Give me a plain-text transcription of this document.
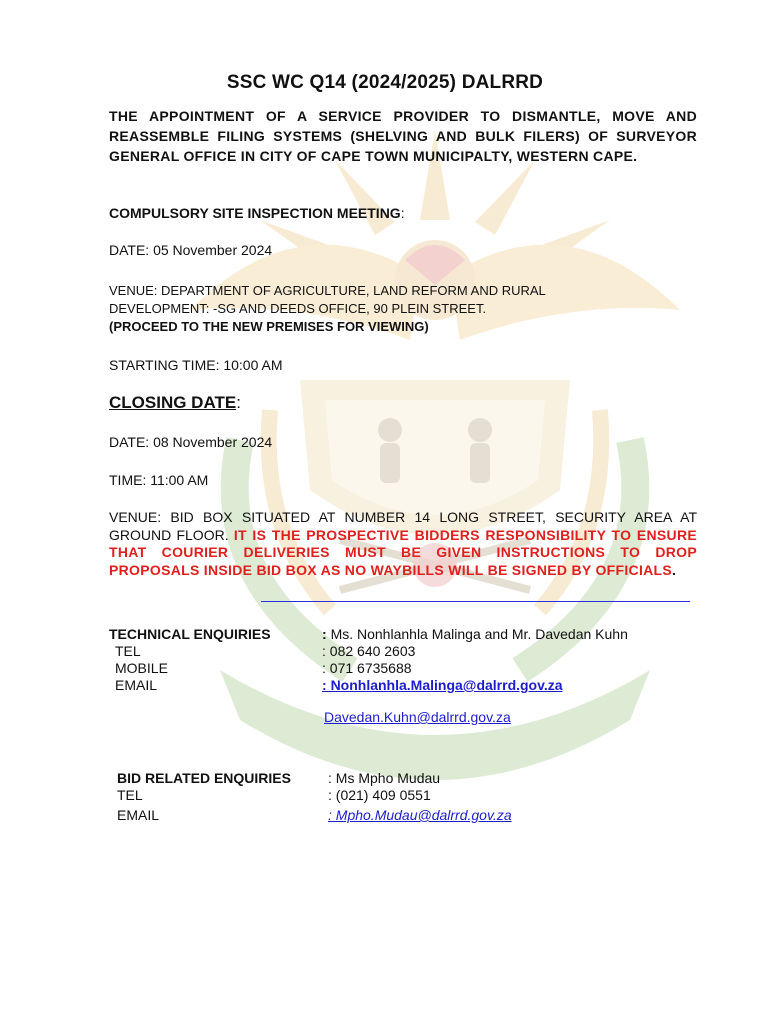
SSC WC Q14 (2024/2025) DALRRD
THE APPOINTMENT OF A SERVICE PROVIDER TO DISMANTLE, MOVE AND REASSEMBLE FILING SYSTEMS (SHELVING AND BULK FILERS) OF SURVEYOR GENERAL OFFICE IN CITY OF CAPE TOWN MUNICIPALTY, WESTERN CAPE.
COMPULSORY SITE INSPECTION MEETING:
DATE: 05 November 2024
VENUE: DEPARTMENT OF AGRICULTURE, LAND REFORM AND RURAL
DEVELOPMENT: -SG AND DEEDS OFFICE, 90 PLEIN STREET.
(PROCEED TO THE NEW PREMISES FOR VIEWING)
STARTING TIME: 10:00 AM
CLOSING DATE:
DATE: 08 November 2024
TIME: 11:00 AM
VENUE: BID BOX SITUATED AT NUMBER 14 LONG STREET, SECURITY AREA AT GROUND FLOOR. IT IS THE PROSPECTIVE BIDDERS RESPONSIBILITY TO ENSURE THAT COURIER DELIVERIES MUST BE GIVEN INSTRUCTIONS TO DROP PROPOSALS INSIDE BID BOX AS NO WAYBILLS WILL BE SIGNED BY OFFICIALS.
TECHNICAL ENQUIRIES
TEL
MOBILE
EMAIL
: Ms. Nonhlanhla Malinga and Mr. Davedan Kuhn
: 082 640 2603
: 071 6735688
: Nonhlanhla.Malinga@dalrrd.gov.za
Davedan.Kuhn@dalrrd.gov.za
BID RELATED ENQUIRIES
TEL
EMAIL
: Ms Mpho Mudau
: (021) 409 0551
: Mpho.Mudau@dalrrd.gov.za
